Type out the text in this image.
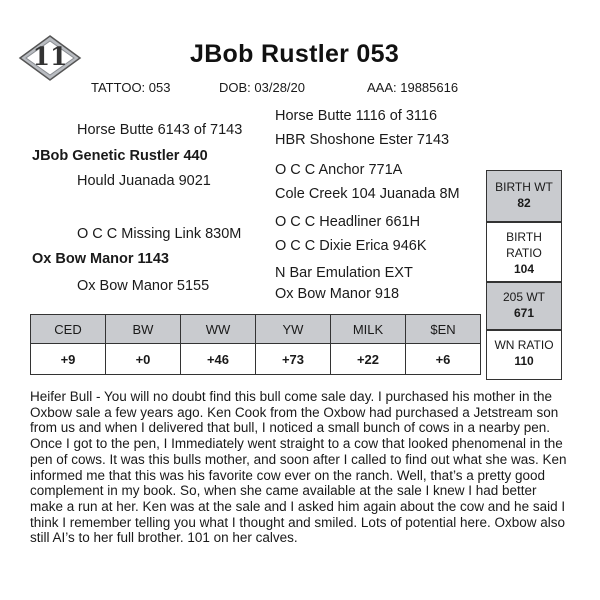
11	JBob Rustler 053
TATTOO: 053	DOB: 03/28/20	AAA: 19885616
Horse Butte 1116 of 3116
Horse Butte 6143 of 7143
HBR Shoshone Ester 7143
JBob Genetic Rustler 440
O C C Anchor 771A
Hould Juanada 9021
Cole Creek 104 Juanada 8M
O C C Headliner 661H
O C C Missing Link 830M
O C C Dixie Erica 946K
Ox Bow Manor 1143
N Bar Emulation EXT
Ox Bow Manor 5155	Ox Bow Manor 918
BIRTH WT
82
BIRTH
RATIO
104
205 WT
671
WN RATIO
110
CED	BW	WW	YW	MILK	$EN
+9	+0	+46	+73	+22	+6

Heifer Bull - You will no doubt find this bull come sale day. I purchased his mother in the Oxbow sale a few years ago. Ken Cook from the Oxbow had purchased a Jetstream son from us and when I delivered that bull, I noticed a small bunch of cows in a nearby pen. Once I got to the pen, I Immediately went straight to a cow that looked phenomenal in the pen of cows. It was this bulls mother, and soon after I called to find out what she was. Ken informed me that this was his favorite cow ever on the ranch. Well, that’s a pretty good complement in my book. So, when she came available at the sale I knew I had better make a run at her. Ken was at the sale and I asked him again about the cow and he said I think I remember telling you what I thought and smiled. Lots of potential here. Oxbow also still AI’s to her full brother. 101 on her calves.
